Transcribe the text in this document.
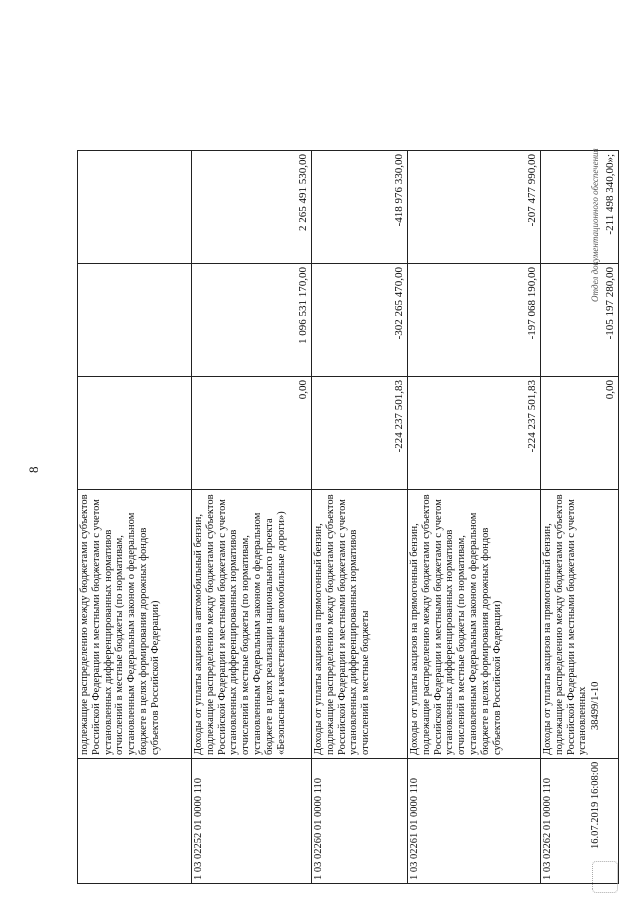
8
	подлежащие распределению между бюджетами субъектов Российской Федерации и местными бюджетами с учетом установленных дифференцированных нормативов отчислений в местные бюджеты (по нормативам, установленным Федеральным законом о федеральном бюджете в целях формирования дорожных фондов субъектов Российской Федерации)			
1 03 02252 01 0000 110	Доходы от уплаты акцизов на автомобильный бензин, подлежащие распределению между бюджетами субъектов Российской Федерации и местными бюджетами с учетом установленных дифференцированных нормативов отчислений в местные бюджеты (по нормативам, установленным Федеральным законом о федеральном бюджете в целях реализации национального проекта «Безопасные и качественные автомобильные дороги»)	0,00	1 096 531 170,00	2 265 491 530,00
1 03 02260 01 0000 110	Доходы от уплаты акцизов на прямогонный бензин, подлежащие распределению между бюджетами субъектов Российской Федерации и местными бюджетами с учетом установленных дифференцированных нормативов отчислений в местные бюджеты	-224 237 501,83	-302 265 470,00	-418 976 330,00
1 03 02261 01 0000 110	Доходы от уплаты акцизов на прямогонный бензин, подлежащие распределению между бюджетами субъектов Российской Федерации и местными бюджетами с учетом установленных дифференцированных нормативов отчислений в местные бюджеты (по нормативам, установленным Федеральным законом о федеральном бюджете в целях формирования дорожных фондов субъектов Российской Федерации)	-224 237 501,83	-197 068 190,00	-207 477 990,00
1 03 02262 01 0000 110	Доходы от уплаты акцизов на прямогонный бензин, подлежащие распределению между бюджетами субъектов Российской Федерации и местными бюджетами с учетом установленных	0,00	-105 197 280,00	-211 498 340,00»;
16.07.2019 16:08:00
38499/1-10
Отдел документационного обеспечения
